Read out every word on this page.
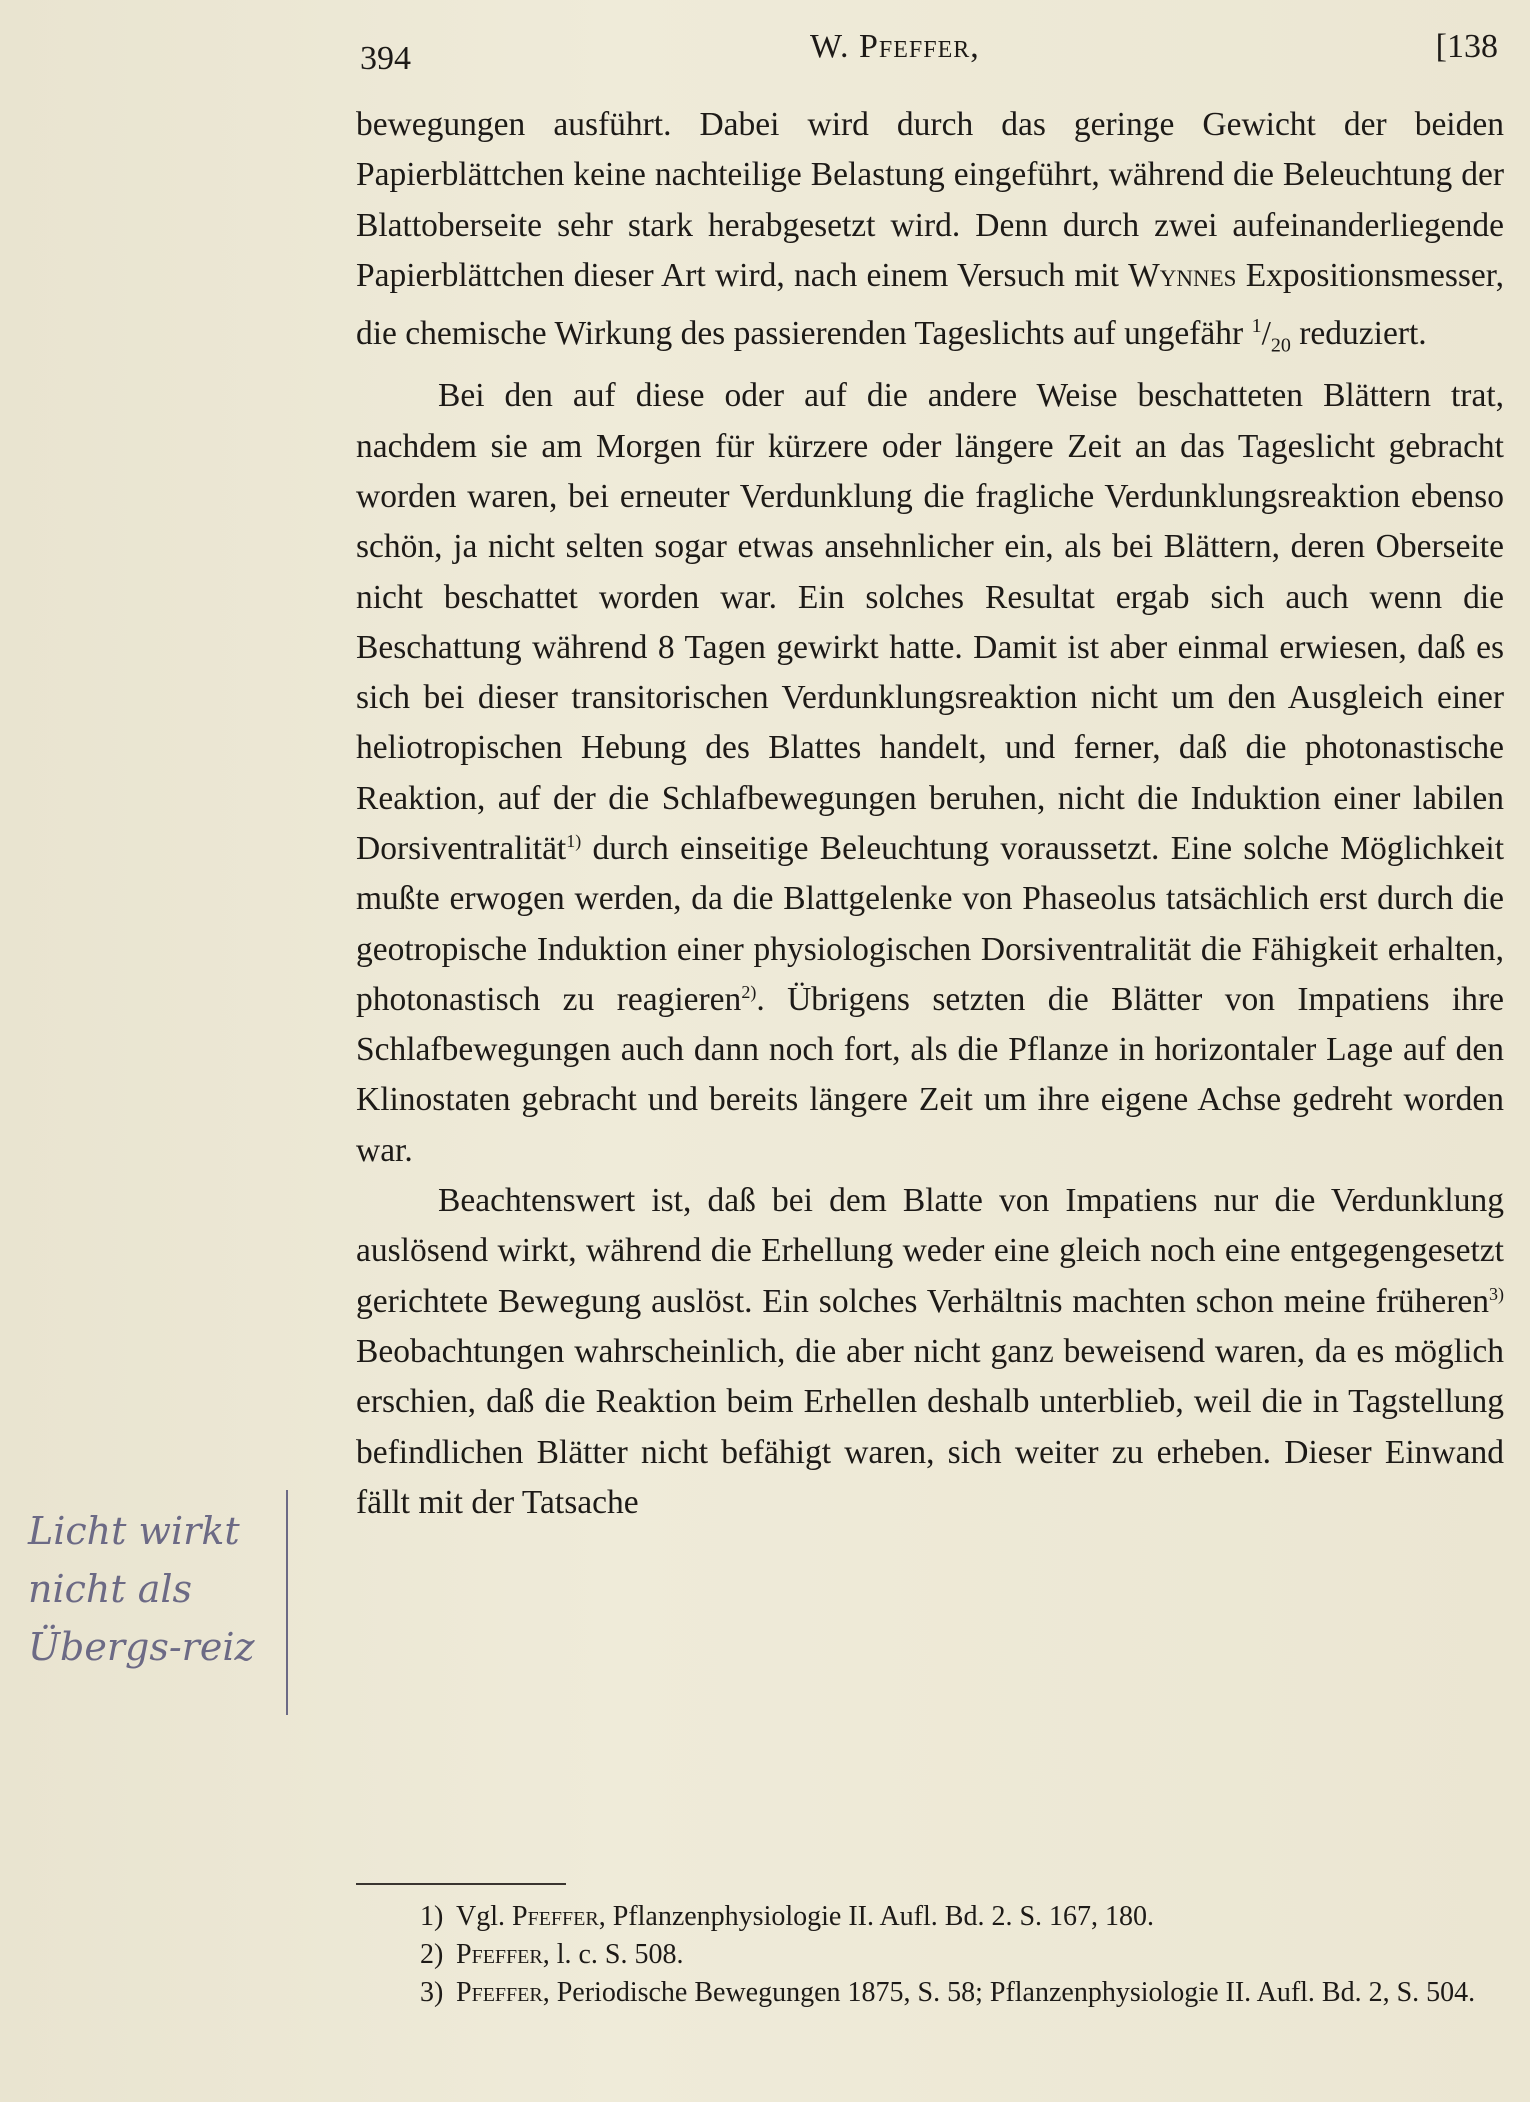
394	W. Pfeffer,	[138

bewegungen ausführt. Dabei wird durch das geringe Gewicht der beiden Papierblättchen keine nachteilige Belastung eingeführt, während die Beleuchtung der Blattoberseite sehr stark herabgesetzt wird. Denn durch zwei aufeinanderliegende Papierblättchen dieser Art wird, nach einem Versuch mit Wynnes Expositionsmesser, die chemische Wirkung des passierenden Tageslichts auf ungefähr $^1/_{20}$ reduziert.

Bei den auf diese oder auf die andere Weise beschatteten Blättern trat, nachdem sie am Morgen für kürzere oder längere Zeit an das Tageslicht gebracht worden waren, bei erneuter Verdunklung die fragliche Verdunklungsreaktion ebenso schön, ja nicht selten sogar etwas ansehnlicher ein, als bei Blättern, deren Oberseite nicht beschattet worden war. Ein solches Resultat ergab sich auch wenn die Beschattung während 8 Tagen gewirkt hatte. Damit ist aber einmal erwiesen, daß es sich bei dieser transitorischen Verdunklungsreaktion nicht um den Ausgleich einer heliotropischen Hebung des Blattes handelt, und ferner, daß die photonastische Reaktion, auf der die Schlafbewegungen beruhen, nicht die Induktion einer labilen Dorsiventralität$^{1)}$ durch einseitige Beleuchtung voraussetzt. Eine solche Möglichkeit mußte erwogen werden, da die Blattgelenke von Phaseolus tatsächlich erst durch die geotropische Induktion einer physiologischen Dorsiventralität die Fähigkeit erhalten, photonastisch zu reagieren$^{2)}$. Übrigens setzten die Blätter von Impatiens ihre Schlafbewegungen auch dann noch fort, als die Pflanze in horizontaler Lage auf den Klinostaten gebracht und bereits längere Zeit um ihre eigene Achse gedreht worden war.

Beachtenswert ist, daß bei dem Blatte von Impatiens nur die Verdunklung auslösend wirkt, während die Erhellung weder eine gleich noch eine entgegengesetzt gerichtete Bewegung auslöst. Ein solches Verhältnis machten schon meine früheren$^{3)}$ Beobachtungen wahrscheinlich, die aber nicht ganz beweisend waren, da es möglich erschien, daß die Reaktion beim Erhellen deshalb unterblieb, weil die in Tagstellung befindlichen Blätter nicht befähigt waren, sich weiter zu erheben. Dieser Einwand fällt mit der Tatsache

1) Vgl. Pfeffer, Pflanzenphysiologie II. Aufl. Bd. 2. S. 167, 180.

2) Pfeffer, l. c. S. 508.

3) Pfeffer, Periodische Bewegungen 1875, S. 58; Pflanzenphysiologie II. Aufl. Bd. 2, S. 504.

Licht wirkt
nicht als
Übergs-reiz
